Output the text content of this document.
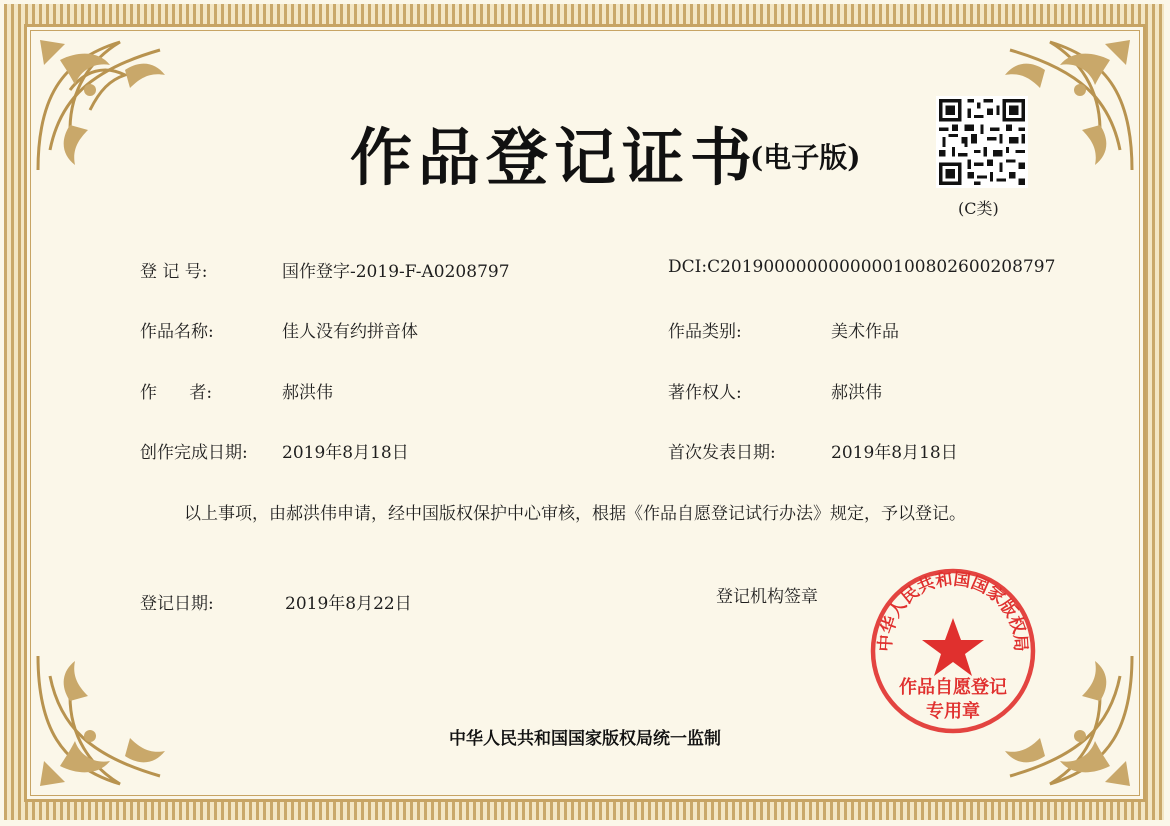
作品登记证书
(电子版)
(C类)
登 记 号:	国作登字-2019-F-A0208797	DCI:C2019000000000000100802600208797
作品名称:	佳人没有约拼音体	作品类别:	美术作品
作      者:	郝洪伟	著作权人:	郝洪伟
创作完成日期: 2019年8月18日	首次发表日期:	2019年8月18日
以上事项，由郝洪伟申请，经中国版权保护中心审核，根据《作品自愿登记试行办法》规定，予以登记。
登记日期:	2019年8月22日	登记机构签章
中华人民共和国国家版权局
作品自愿登记
专用章
中华人民共和国国家版权局统一监制
